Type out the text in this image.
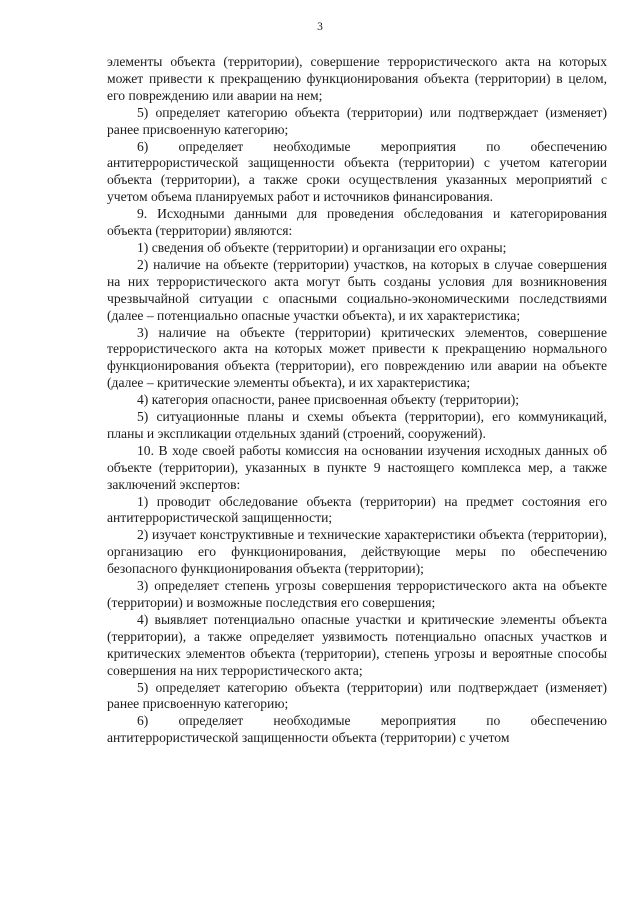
3

элементы объекта (территории), совершение террористического акта на которых может привести к прекращению функционирования объекта (территории) в целом, его повреждению или аварии на нем;

5) определяет категорию объекта (территории) или подтверждает (изменяет) ранее присвоенную категорию;

6) определяет необходимые мероприятия по обеспечению антитеррористической защищенности объекта (территории) с учетом категории объекта (территории), а также сроки осуществления указанных мероприятий с учетом объема планируемых работ и источников финансирования.

9. Исходными данными для проведения обследования и категорирования объекта (территории) являются:

1) сведения об объекте (территории) и организации его охраны;

2) наличие на объекте (территории) участков, на которых в случае совершения на них террористического акта могут быть созданы условия для возникновения чрезвычайной ситуации с опасными социально-экономическими последствиями (далее – потенциально опасные участки объекта), и их характеристика;

3) наличие на объекте (территории) критических элементов, совершение террористического акта на которых может привести к прекращению нормального функционирования объекта (территории), его повреждению или аварии на объекте (далее – критические элементы объекта), и их характеристика;

4) категория опасности, ранее присвоенная объекту (территории);

5) ситуационные планы и схемы объекта (территории), его коммуникаций, планы и экспликации отдельных зданий (строений, сооружений).

10. В ходе своей работы комиссия на основании изучения исходных данных об объекте (территории), указанных в пункте 9 настоящего комплекса мер, а также заключений экспертов:

1) проводит обследование объекта (территории) на предмет состояния его антитеррористической защищенности;

2) изучает конструктивные и технические характеристики объекта (территории), организацию его функционирования, действующие меры по обеспечению безопасного функционирования объекта (территории);

3) определяет степень угрозы совершения террористического акта на объекте (территории) и возможные последствия его совершения;

4) выявляет потенциально опасные участки и критические элементы объекта (территории), а также определяет уязвимость потенциально опасных участков и критических элементов объекта (территории), степень угрозы и вероятные способы совершения на них террористического акта;

5) определяет категорию объекта (территории) или подтверждает (изменяет) ранее присвоенную категорию;

6) определяет необходимые мероприятия по обеспечению антитеррористической защищенности объекта (территории) с учетом
